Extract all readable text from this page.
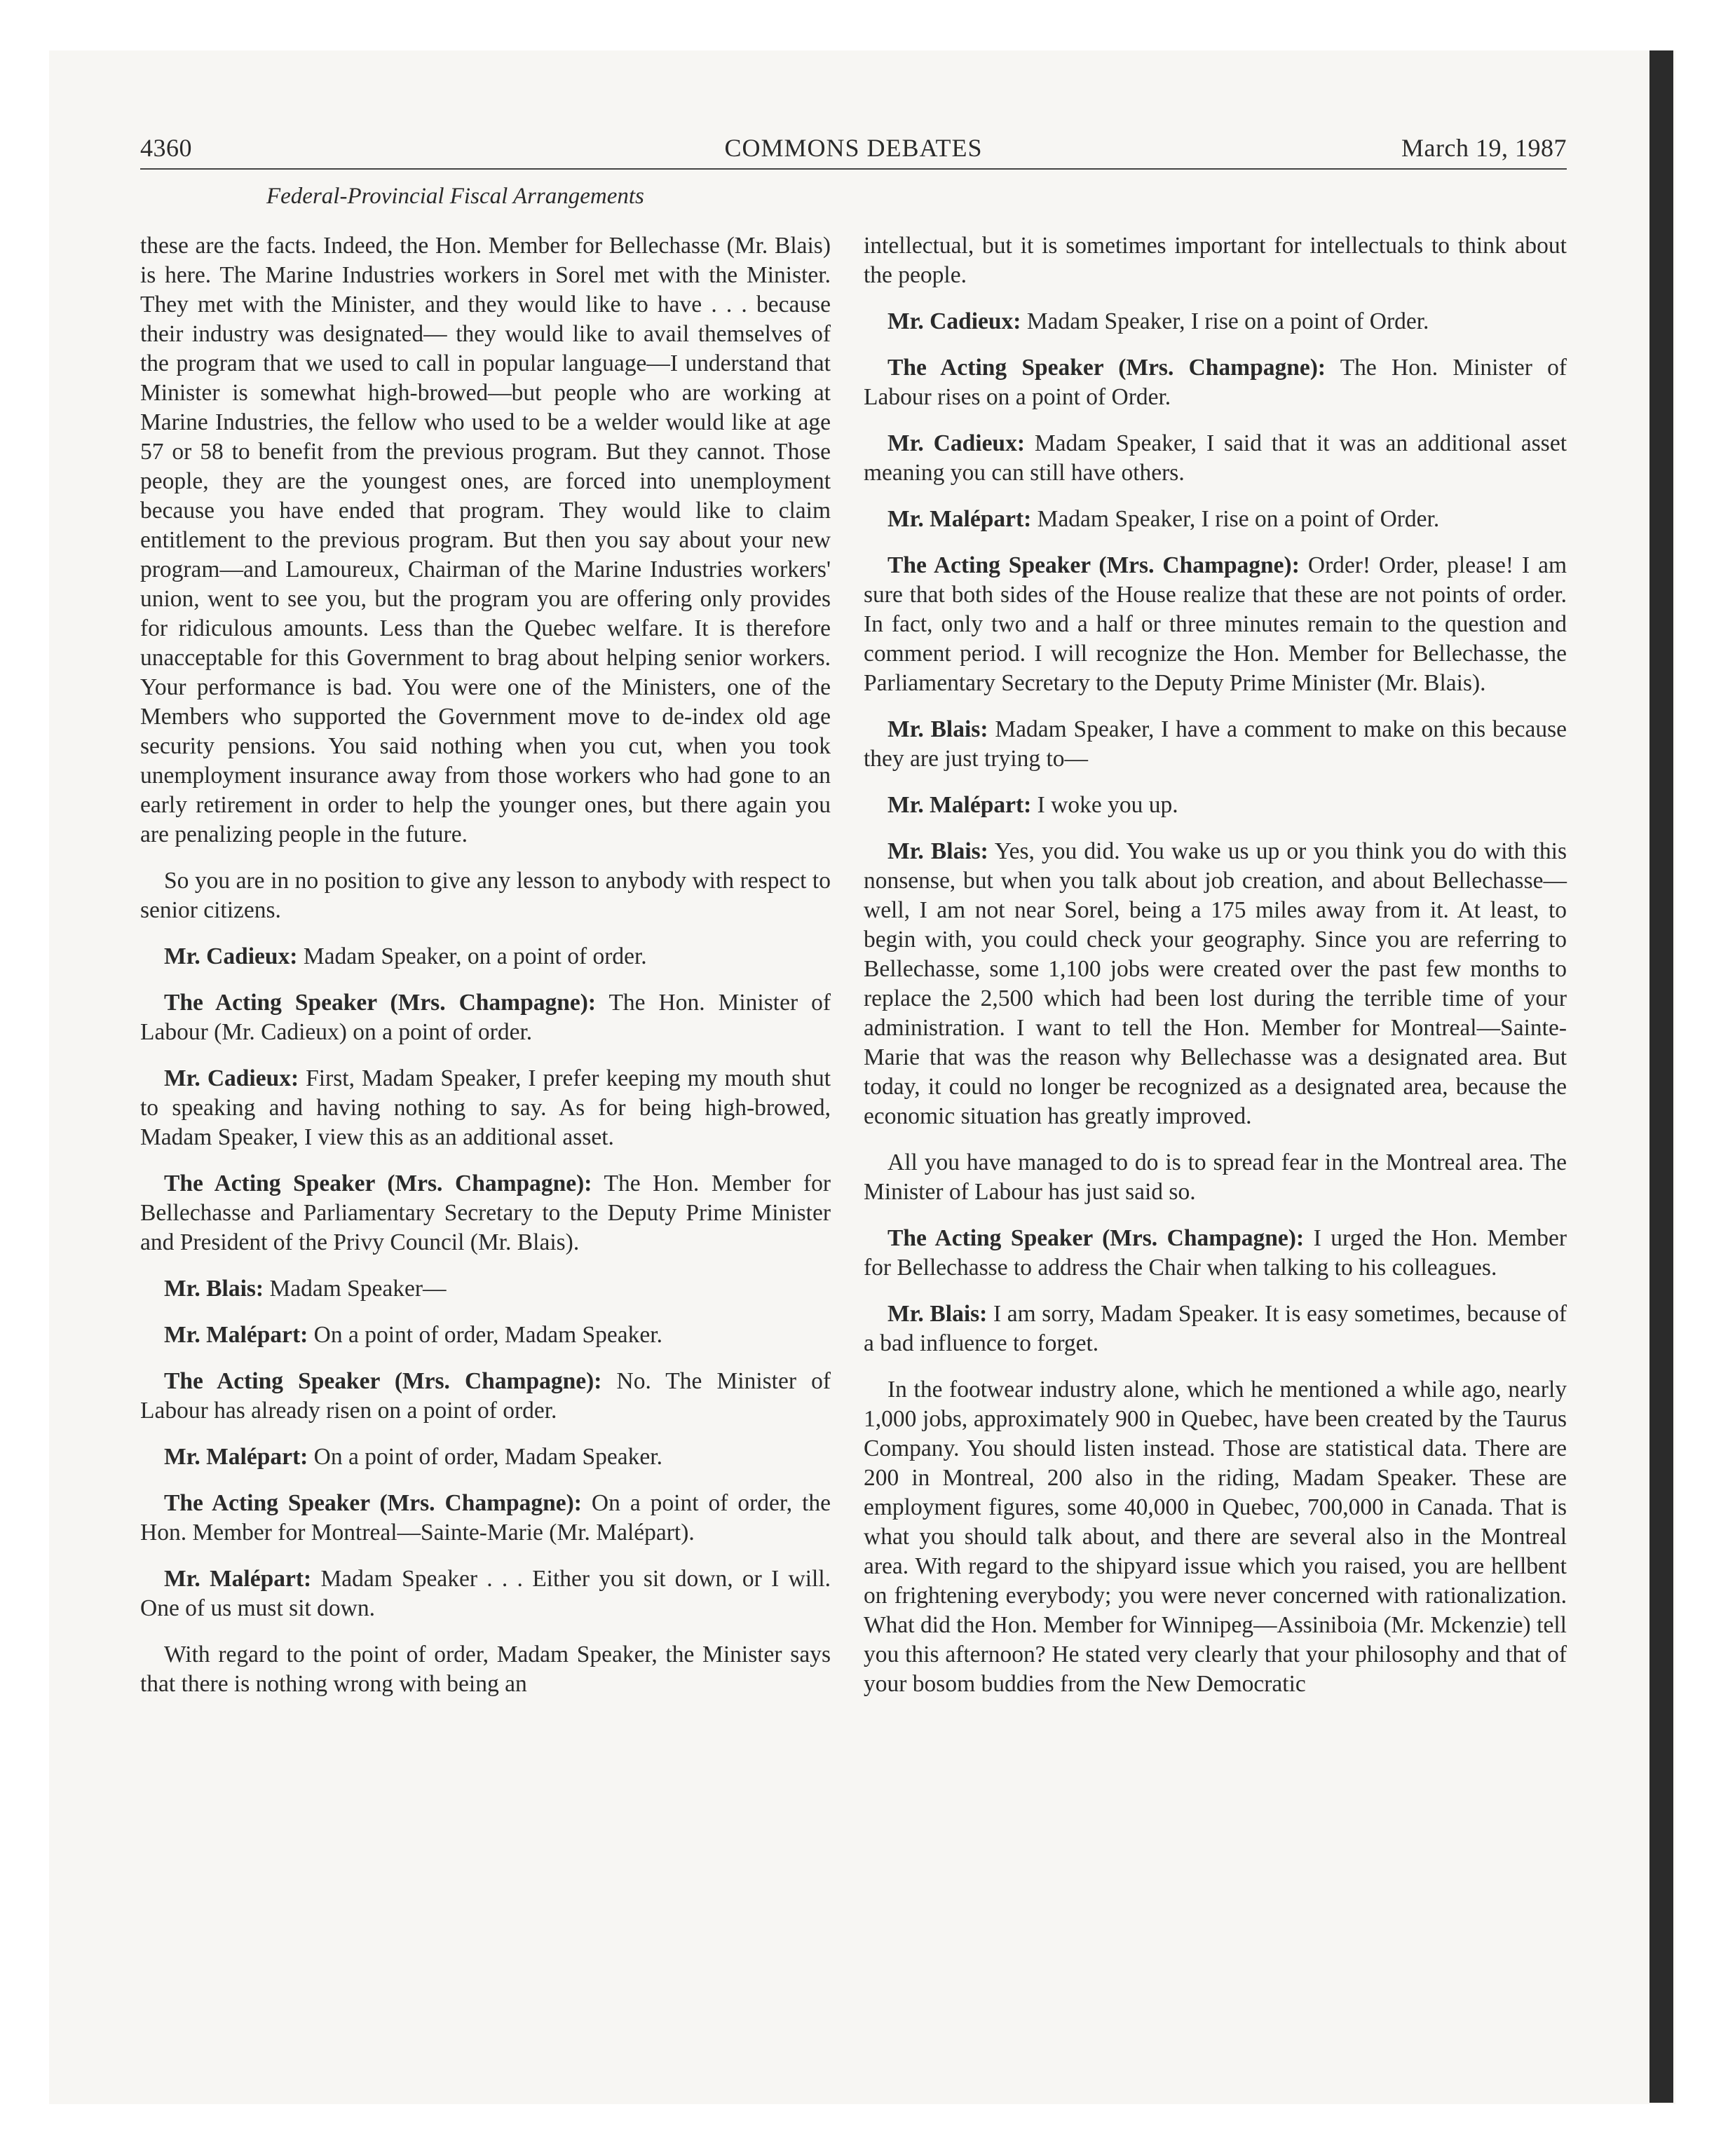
4360	COMMONS DEBATES	March 19, 1987
Federal-Provincial Fiscal Arrangements

these are the facts. Indeed, the Hon. Member for Bellechasse (Mr. Blais) is here. The Marine Industries workers in Sorel met with the Minister. They met with the Minister, and they would like to have . . . because their industry was designated— they would like to avail themselves of the program that we used to call in popular language—I understand that Minister is somewhat high-browed—but people who are working at Marine Industries, the fellow who used to be a welder would like at age 57 or 58 to benefit from the previous program. But they cannot. Those people, they are the youngest ones, are forced into unemployment because you have ended that program. They would like to claim entitlement to the previous program. But then you say about your new program—and Lamoureux, Chairman of the Marine Industries workers' union, went to see you, but the program you are offering only provides for ridiculous amounts. Less than the Quebec welfare. It is therefore unacceptable for this Government to brag about helping senior workers. Your performance is bad. You were one of the Ministers, one of the Members who supported the Government move to de-index old age security pensions. You said nothing when you cut, when you took unemployment insurance away from those workers who had gone to an early retirement in order to help the younger ones, but there again you are penalizing people in the future.

So you are in no position to give any lesson to anybody with respect to senior citizens.

Mr. Cadieux: Madam Speaker, on a point of order.

The Acting Speaker (Mrs. Champagne): The Hon. Minister of Labour (Mr. Cadieux) on a point of order.

Mr. Cadieux: First, Madam Speaker, I prefer keeping my mouth shut to speaking and having nothing to say. As for being high-browed, Madam Speaker, I view this as an additional asset.

The Acting Speaker (Mrs. Champagne): The Hon. Member for Bellechasse and Parliamentary Secretary to the Deputy Prime Minister and President of the Privy Council (Mr. Blais).

Mr. Blais: Madam Speaker—

Mr. Malépart: On a point of order, Madam Speaker.

The Acting Speaker (Mrs. Champagne): No. The Minister of Labour has already risen on a point of order.

Mr. Malépart: On a point of order, Madam Speaker.

The Acting Speaker (Mrs. Champagne): On a point of order, the Hon. Member for Montreal—Sainte-Marie (Mr. Malépart).

Mr. Malépart: Madam Speaker . . . Either you sit down, or I will. One of us must sit down.

With regard to the point of order, Madam Speaker, the Minister says that there is nothing wrong with being an

intellectual, but it is sometimes important for intellectuals to think about the people.

Mr. Cadieux: Madam Speaker, I rise on a point of Order.

The Acting Speaker (Mrs. Champagne): The Hon. Minister of Labour rises on a point of Order.

Mr. Cadieux: Madam Speaker, I said that it was an additional asset meaning you can still have others.

Mr. Malépart: Madam Speaker, I rise on a point of Order.

The Acting Speaker (Mrs. Champagne): Order! Order, please! I am sure that both sides of the House realize that these are not points of order. In fact, only two and a half or three minutes remain to the question and comment period. I will recognize the Hon. Member for Bellechasse, the Parliamentary Secretary to the Deputy Prime Minister (Mr. Blais).

Mr. Blais: Madam Speaker, I have a comment to make on this because they are just trying to—

Mr. Malépart: I woke you up.

Mr. Blais: Yes, you did. You wake us up or you think you do with this nonsense, but when you talk about job creation, and about Bellechasse—well, I am not near Sorel, being a 175 miles away from it. At least, to begin with, you could check your geography. Since you are referring to Bellechasse, some 1,100 jobs were created over the past few months to replace the 2,500 which had been lost during the terrible time of your administration. I want to tell the Hon. Member for Montreal—Sainte-Marie that was the reason why Bellechasse was a designated area. But today, it could no longer be recognized as a designated area, because the economic situation has greatly improved.

All you have managed to do is to spread fear in the Montreal area. The Minister of Labour has just said so.

The Acting Speaker (Mrs. Champagne): I urged the Hon. Member for Bellechasse to address the Chair when talking to his colleagues.

Mr. Blais: I am sorry, Madam Speaker. It is easy sometimes, because of a bad influence to forget.

In the footwear industry alone, which he mentioned a while ago, nearly 1,000 jobs, approximately 900 in Quebec, have been created by the Taurus Company. You should listen instead. Those are statistical data. There are 200 in Montreal, 200 also in the riding, Madam Speaker. These are employment figures, some 40,000 in Quebec, 700,000 in Canada. That is what you should talk about, and there are several also in the Montreal area. With regard to the shipyard issue which you raised, you are hellbent on frightening everybody; you were never concerned with rationalization. What did the Hon. Member for Winnipeg—Assiniboia (Mr. Mckenzie) tell you this afternoon? He stated very clearly that your philosophy and that of your bosom buddies from the New Democratic
